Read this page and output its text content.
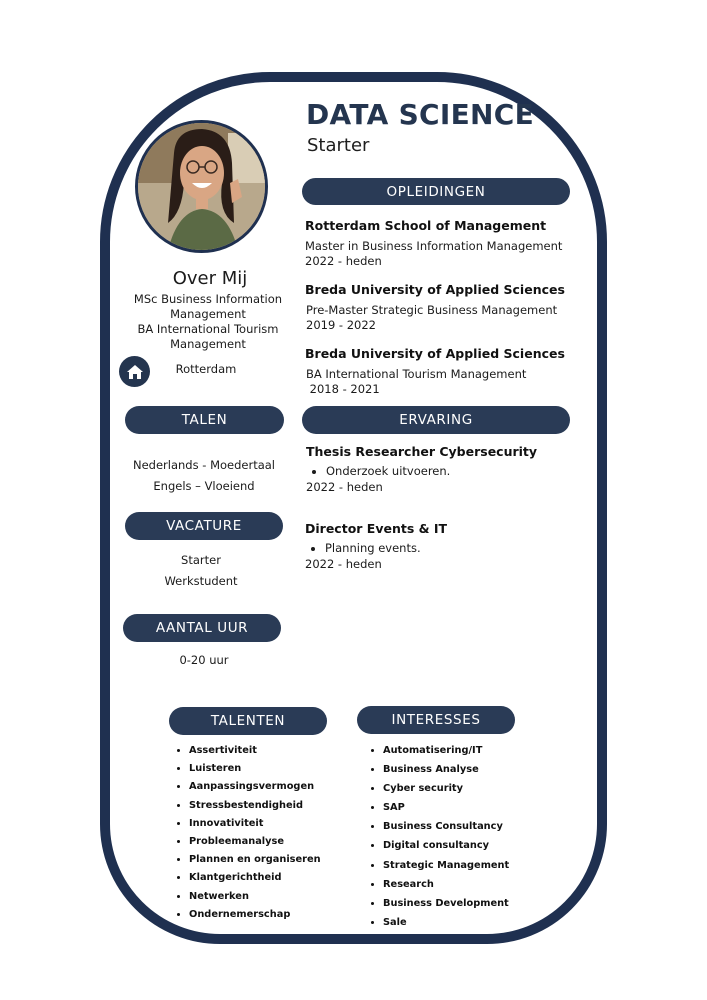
DATA SCIENCE
Starter
Over Mij
MSc Business Information
Management
BA International Tourism
Management
Rotterdam
OPLEIDINGEN
ERVARING
TALEN
VACATURE
AANTAL UUR
TALENTEN	INTERESSES
Rotterdam School of Management
Master in Business Information Management
2022 - heden
Breda University of Applied Sciences
Pre-Master Strategic Business Management
2019 - 2022
Breda University of Applied Sciences
BA International Tourism Management
2018 - 2021
Thesis Researcher Cybersecurity
• Onderzoek uitvoeren.
2022 - heden
Director Events & IT
• Planning events.
2022 - heden
Nederlands - Moedertaal
Engels – Vloeiend
Starter
Werkstudent
0-20 uur
• Assertiviteit
• Luisteren
• Aanpassingsvermogen
• Stressbestendigheid
• Innovativiteit
• Probleemanalyse
• Plannen en organiseren
• Klantgerichtheid
• Netwerken
• Ondernemerschap
• Automatisering/IT
• Business Analyse
• Cyber security
• SAP
• Business Consultancy
• Digital consultancy
• Strategic Management
• Research
• Business Development
• Sale
